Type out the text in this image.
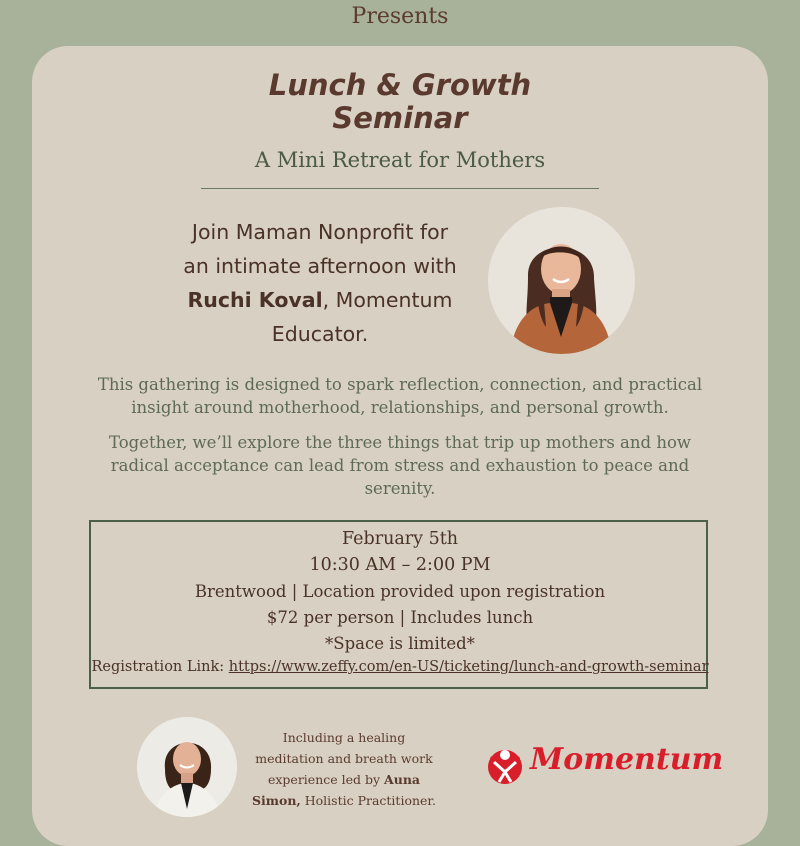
Presents
Lunch & Growth
Seminar
A Mini Retreat for Mothers
Join Maman Nonprofit for
an intimate afternoon with
Ruchi Koval, Momentum
Educator.
This gathering is designed to spark reflection, connection, and practical
insight around motherhood, relationships, and personal growth.
Together, we’ll explore the three things that trip up mothers and how
radical acceptance can lead from stress and exhaustion to peace and
serenity.
February 5th
10:30 AM – 2:00 PM
Brentwood | Location provided upon registration
$72 per person | Includes lunch
*Space is limited*
Registration Link: https://www.zeffy.com/en-US/ticketing/lunch-and-growth-seminar
Including a healing
meditation and breath work
experience led by Auna
Simon, Holistic Practitioner.
Momentum
